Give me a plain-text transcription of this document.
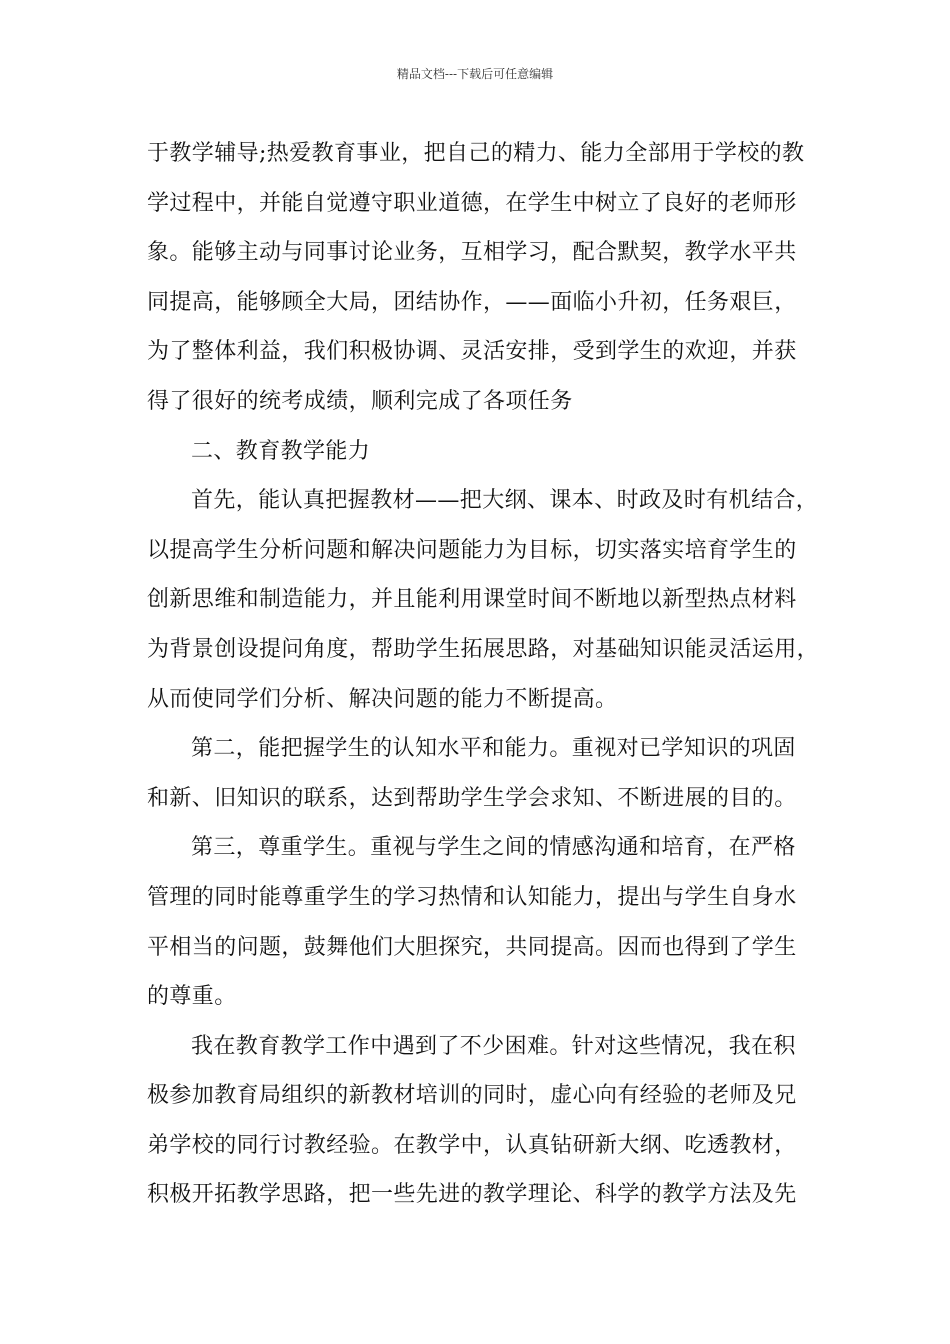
精品文档---下载后可任意编辑
于教学辅导;热爱教育事业，把自己的精力、能力全部用于学校的教
学过程中，并能自觉遵守职业道德，在学生中树立了良好的老师形
象。能够主动与同事讨论业务，互相学习，配合默契，教学水平共
同提高，能够顾全大局，团结协作，——面临小升初，任务艰巨，
为了整体利益，我们积极协调、灵活安排，受到学生的欢迎，并获
得了很好的统考成绩，顺利完成了各项任务
二、教育教学能力
首先，能认真把握教材——把大纲、课本、时政及时有机结合，
以提高学生分析问题和解决问题能力为目标，切实落实培育学生的
创新思维和制造能力，并且能利用课堂时间不断地以新型热点材料
为背景创设提问角度，帮助学生拓展思路，对基础知识能灵活运用，
从而使同学们分析、解决问题的能力不断提高。
第二，能把握学生的认知水平和能力。重视对已学知识的巩固
和新、旧知识的联系，达到帮助学生学会求知、不断进展的目的。
第三，尊重学生。重视与学生之间的情感沟通和培育，在严格
管理的同时能尊重学生的学习热情和认知能力，提出与学生自身水
平相当的问题，鼓舞他们大胆探究，共同提高。因而也得到了学生
的尊重。
我在教育教学工作中遇到了不少困难。针对这些情况，我在积
极参加教育局组织的新教材培训的同时，虚心向有经验的老师及兄
弟学校的同行讨教经验。在教学中，认真钻研新大纲、吃透教材，
积极开拓教学思路，把一些先进的教学理论、科学的教学方法及先
